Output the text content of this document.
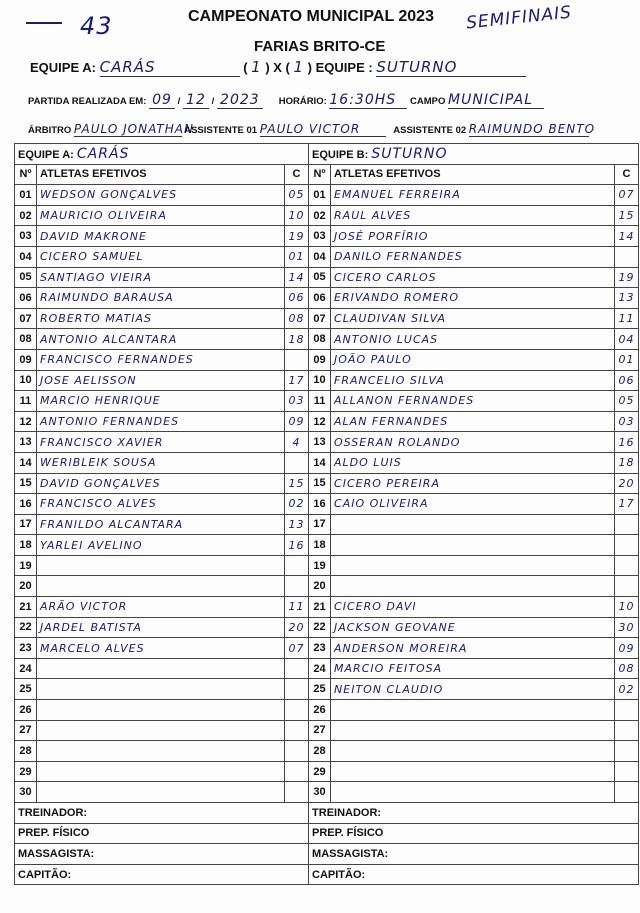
43	CAMPEONATO MUNICIPAL 2023
FARIAS BRITO-CE
SEMIFINAIS
EQUIPE A: CARÁS	( 1 ) X ( 1 ) EQUIPE : SUTURNO
PARTIDA REALIZADA EM: 09 / 12 / 2023 HORÁRIO: 16:30HS CAMPO MUNICIPAL
ÁRBITRO PAULO JONATHAN ASSISTENTE 01 PAULO VICTOR	ASSISTENTE 02 RAIMUNDO BENTO
EQUIPE A: CARÁS			EQUIPE B: SUTURNO		
Nº	ATLETAS EFETIVOS	C	Nº	ATLETAS EFETIVOS	C
01	WEDSON GONÇALVES	05	01	EMANUEL FERREIRA	07
02	MAURICIO OLIVEIRA	10	02	RAUL ALVES	15
03	DAVID MAKRONE	19	03	JOSÉ PORFÍRIO	14
04	CICERO SAMUEL	01	04	DANILO FERNANDES	
05	SANTIAGO VIEIRA	14	05	CICERO CARLOS	19
06	RAIMUNDO BARAUSA	06	06	ERIVANDO ROMERO	13
07	ROBERTO MATIAS	08	07	CLAUDIVAN SILVA	11
08	ANTONIO ALCANTARA	18	08	ANTONIO LUCAS	04
09	FRANCISCO FERNANDES		09	JOÃO PAULO	01
10	JOSE AELISSON	17	10	FRANCELIO SILVA	06
11	MARCIO HENRIQUE	03	11	ALLANON FERNANDES	05
12	ANTONIO FERNANDES	09	12	ALAN FERNANDES	03
13	FRANCISCO XAVIER	4	13	OSSERAN ROLANDO	16
14	WERIBLEIK SOUSA		14	ALDO LUIS	18
15	DAVID GONÇALVES	15	15	CICERO PEREIRA	20
16	FRANCISCO ALVES	02	16	CAIO OLIVEIRA	17
17	FRANILDO ALCANTARA	13	17		
18	YARLEI AVELINO	16	18		
19			19		
20			20		
21	ARÃO VICTOR	11	21	CICERO DAVI	10
22	JARDEL BATISTA	20	22	JACKSON GEOVANE	30
23	MARCELO ALVES	07	23	ANDERSON MOREIRA	09
24			24	MARCIO FEITOSA	08
25			25	NEITON CLAUDIO	02
26			26		
27			27		
28			28		
29			29		
30			30		
TREINADOR:			TREINADOR:		
PREP. FÍSICO			PREP. FÍSICO		
MASSAGISTA:			MASSAGISTA:		
CAPITÃO:			CAPITÃO:		
